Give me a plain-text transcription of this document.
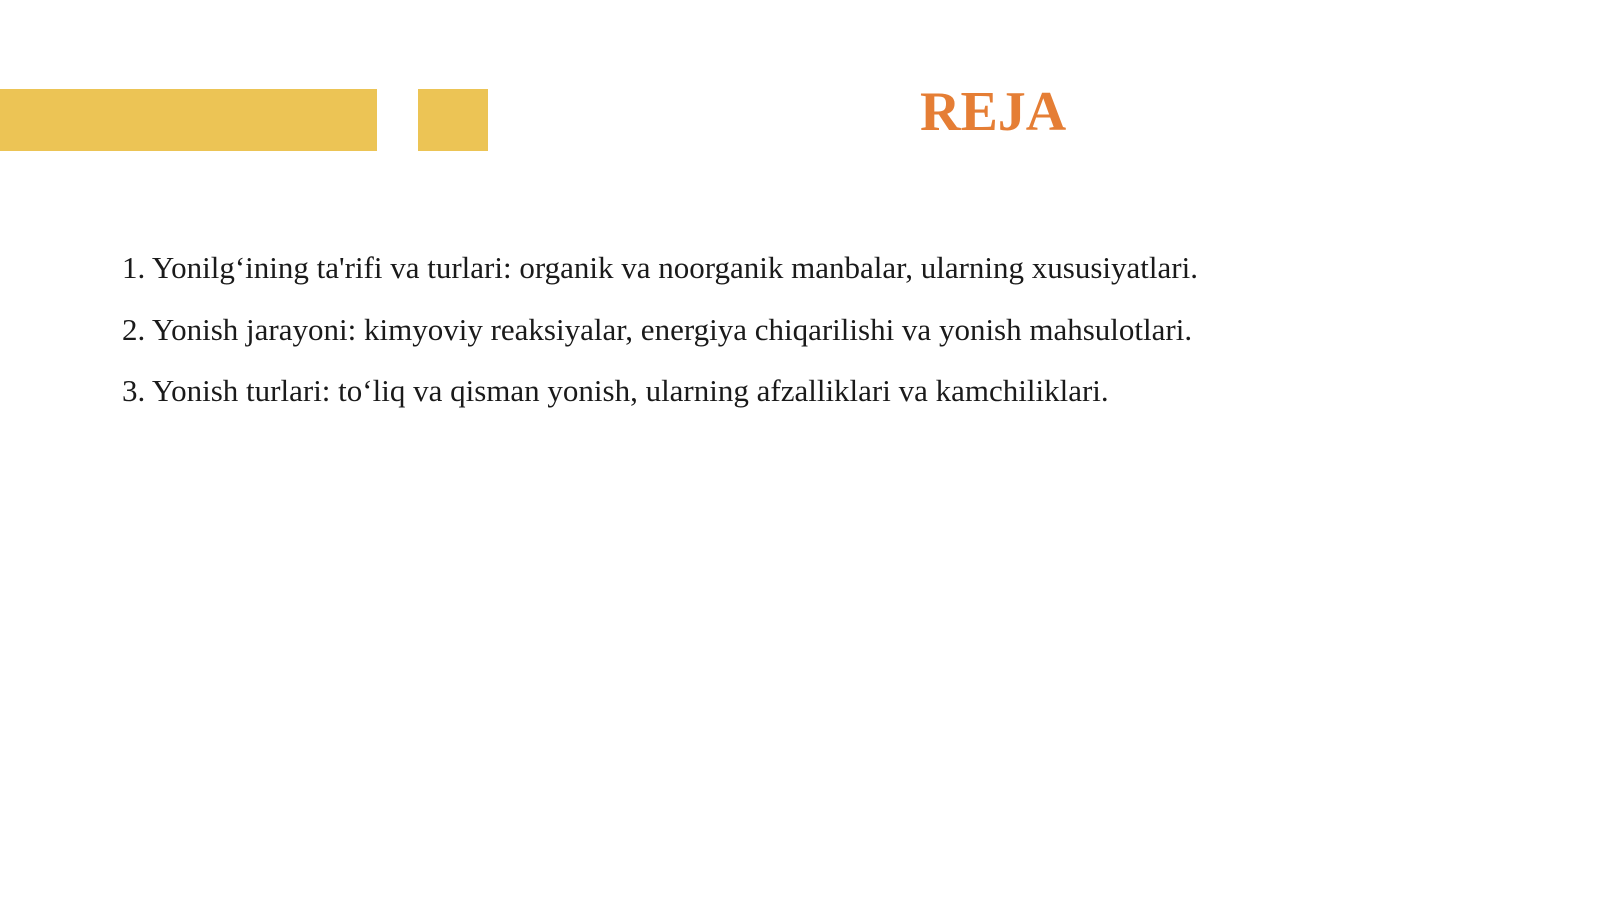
REJA
1. Yonilg‘ining ta'rifi va turlari: organik va noorganik manbalar, ularning xususiyatlari.
2. Yonish jarayoni: kimyoviy reaksiyalar, energiya chiqarilishi va yonish mahsulotlari.
3. Yonish turlari: to‘liq va qisman yonish, ularning afzalliklari va kamchiliklari.
